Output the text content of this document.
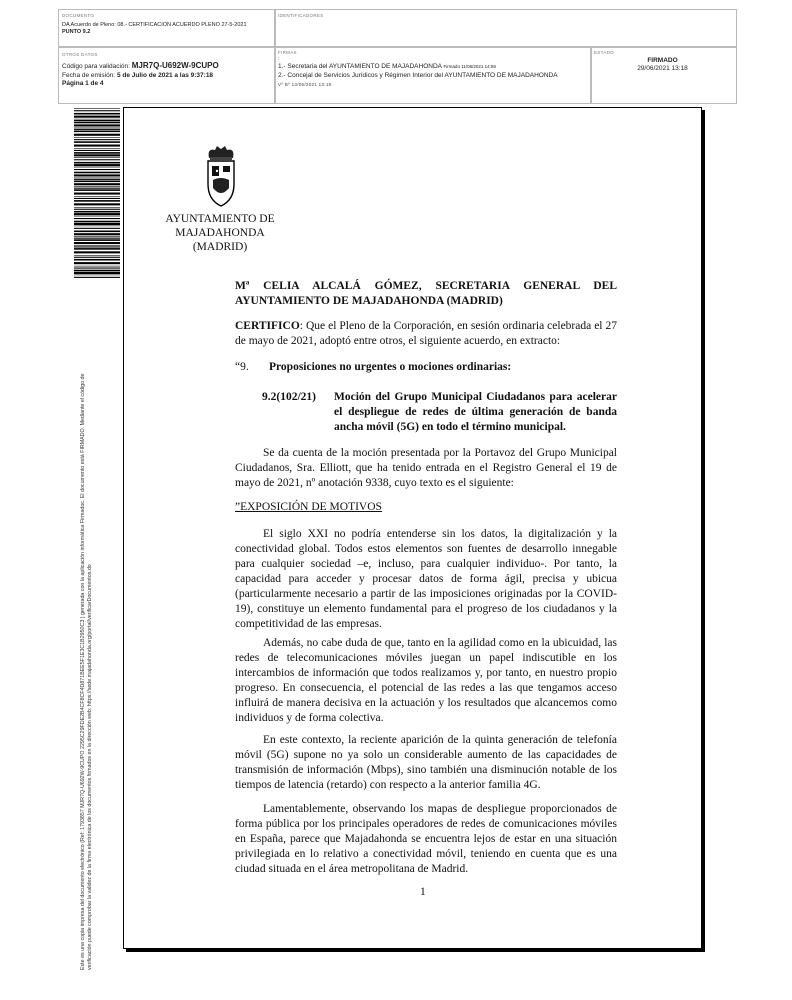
DOCUMENTO
DA Acuerdo de Pleno: 08.- CERTIFICACION ACUERDO PLENO 27-5-2021
PUNTO 9.2
IDENTIFICADORES
OTROS DATOS
Código para validación: MJR7Q-U692W-9CUPO
Fecha de emisión: 5 de Julio de 2021 a las 9:37:18
Página 1 de 4
FIRMAS
:
1.- Secretaria del AYUNTAMIENTO DE MAJADAHONDA Firmado 11/06/2021 14:59
2.- Concejal de Servicios Jurídicos y Régimen Interior del AYUNTAMIENTO DE MAJADAHONDA
Vº Bº 13/06/2021 13:18
ESTADO
FIRMADO
29/06/2021 13:18
Este es una copia impresa del documento electrónico (Ref: 1793857 MJR7Q-U692W-9CUPO 2295C29FDE2B4CF8CF4D871BEE5F1E3C1B2950C3 ) generada con la aplicación informática Firmadoc. El documento está FIRMADO. Mediante el código de verificación puede comprobar la validez de la firma electrónica de los documentos firmados en la dirección web: https://sede.majadahonda.org/portal/verificarDocumentos.do
AYUNTAMIENTO DE
MAJADAHONDA
(MADRID)
Mª CELIA ALCALÁ GÓMEZ, SECRETARIA GENERAL DEL AYUNTAMIENTO DE MAJADAHONDA (MADRID)
CERTIFICO: Que el Pleno de la Corporación, en sesión ordinaria celebrada el 27 de mayo de 2021, adoptó entre otros, el siguiente acuerdo, en extracto:
“9. Proposiciones no urgentes o mociones ordinarias:
9.2(102/21)	Moción del Grupo Municipal Ciudadanos para acelerar el despliegue de redes de última generación de banda ancha móvil (5G) en todo el término municipal.
Se da cuenta de la moción presentada por la Portavoz del Grupo Municipal Ciudadanos, Sra. Elliott, que ha tenido entrada en el Registro General el 19 de mayo de 2021, nº anotación 9338, cuyo texto es el siguiente:
”EXPOSICIÓN DE MOTIVOS
El siglo XXI no podría entenderse sin los datos, la digitalización y la conectividad global. Todos estos elementos son fuentes de desarrollo innegable para cualquier sociedad –e, incluso, para cualquier individuo-. Por tanto, la capacidad para acceder y procesar datos de forma ágil, precisa y ubicua (particularmente necesario a partir de las imposiciones originadas por la COVID-19), constituye un elemento fundamental para el progreso de los ciudadanos y la competitividad de las empresas.
Además, no cabe duda de que, tanto en la agilidad como en la ubicuidad, las redes de telecomunicaciones móviles juegan un papel indiscutible en los intercambios de información que todos realizamos y, por tanto, en nuestro propio progreso. En consecuencia, el potencial de las redes a las que tengamos acceso influirá de manera decisiva en la actuación y los resultados que alcancemos como individuos y de forma colectiva.
En este contexto, la reciente aparición de la quinta generación de telefonía móvil (5G) supone no ya solo un considerable aumento de las capacidades de transmisión de información (Mbps), sino también una disminución notable de los tiempos de latencia (retardo) con respecto a la anterior familia 4G.
Lamentablemente, observando los mapas de despliegue proporcionados de forma pública por los principales operadores de redes de comunicaciones móviles en España, parece que Majadahonda se encuentra lejos de estar en una situación privilegiada en lo relativo a conectividad móvil, teniendo en cuenta que es una ciudad situada en el área metropolitana de Madrid.
1
